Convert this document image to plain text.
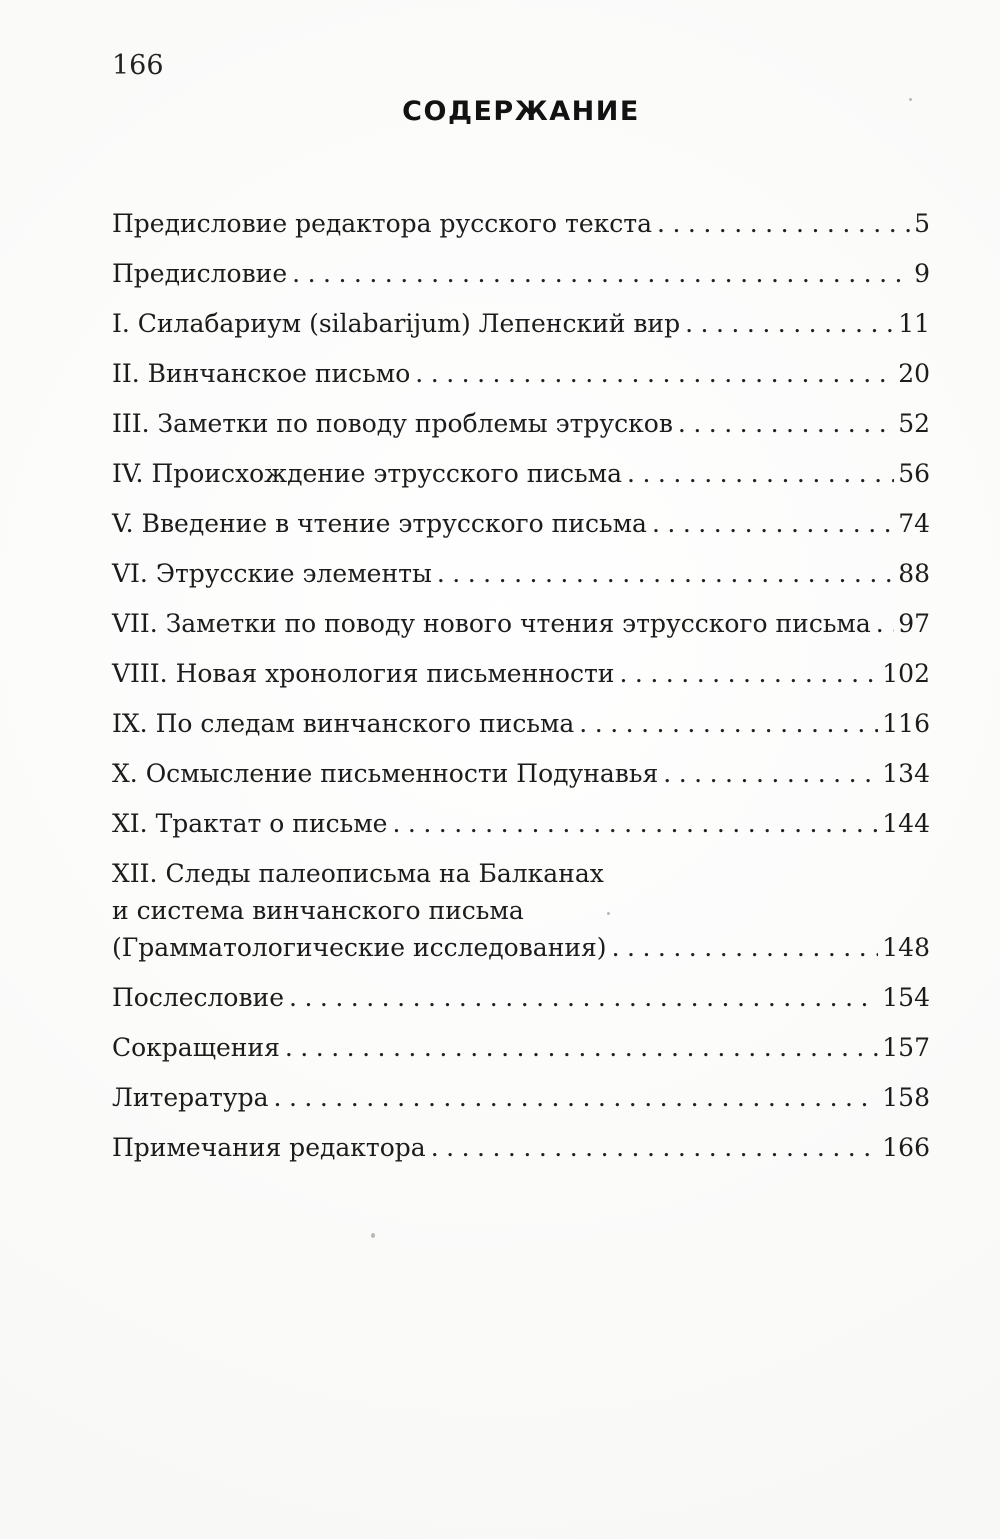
166
СОДЕРЖАНИЕ
Предисловие редактора русского текста .....	5
Предисловие .....	9
I. Силабариум (silabarijum) Лепенский вир .....	11
II. Винчанское письмо .....	20
III. Заметки по поводу проблемы этрусков .....	52
IV. Происхождение этрусского письма .....	56
V. Введение в чтение этрусского письма .....	74
VI. Этрусские элементы .....	88
VII. Заметки по поводу нового чтения этрусского письма ..... 97
VIII. Новая хронология письменности .....	102
IX. По следам винчанского письма .....	116
X. Осмысление письменности Подунавья .....	134
XI. Трактат о письме .....	144
XII. Следы палеописьма на Балканах
и система винчанского письма
(Грамматологические исследования) .....	148
Послесловие .....	154
Сокращения .....	157
Литература .....	158
Примечания редактора .....	166
